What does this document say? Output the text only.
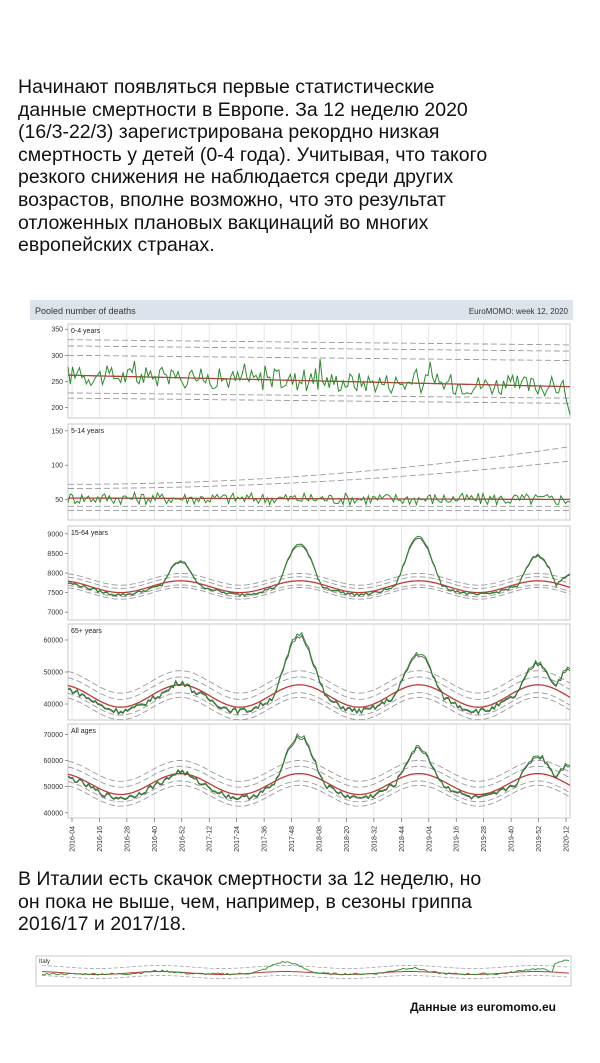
Начинают появляться первые статистические
данные смертности в Европе. За 12 неделю 2020
(16/3-22/3) зарегистрирована рекордно низкая
смертность у детей (0-4 года). Учитывая, что такого
резкого снижения не наблюдается среди других
возрастов, вполне возможно, что это результат
отложенных плановых вакцинаций во многих
европейских странах.

Pooled number of deaths	EuroMOMO: week 12, 2020
200
250
300
350 0-4 years
50
100
150 5-14 years
7000
7500
8000
8500
9000 15-64 years
40000
50000
60000
65+ years
40000
50000
60000
70000
All ages
2016-04	2016-16	2016-28	2016-40	2016-52	2017-12	2017-24	2017-36	2017-48	2018-08	2018-20	2018-32	2018-44	2019-04	2019-16	2019-28	2019-40	2019-52	2020-12

В Италии есть скачок смертности за 12 неделю, но
он пока не выше, чем, например, в сезоны гриппа
2016/17 и 2017/18.

Italy
Данные из euromomo.eu
